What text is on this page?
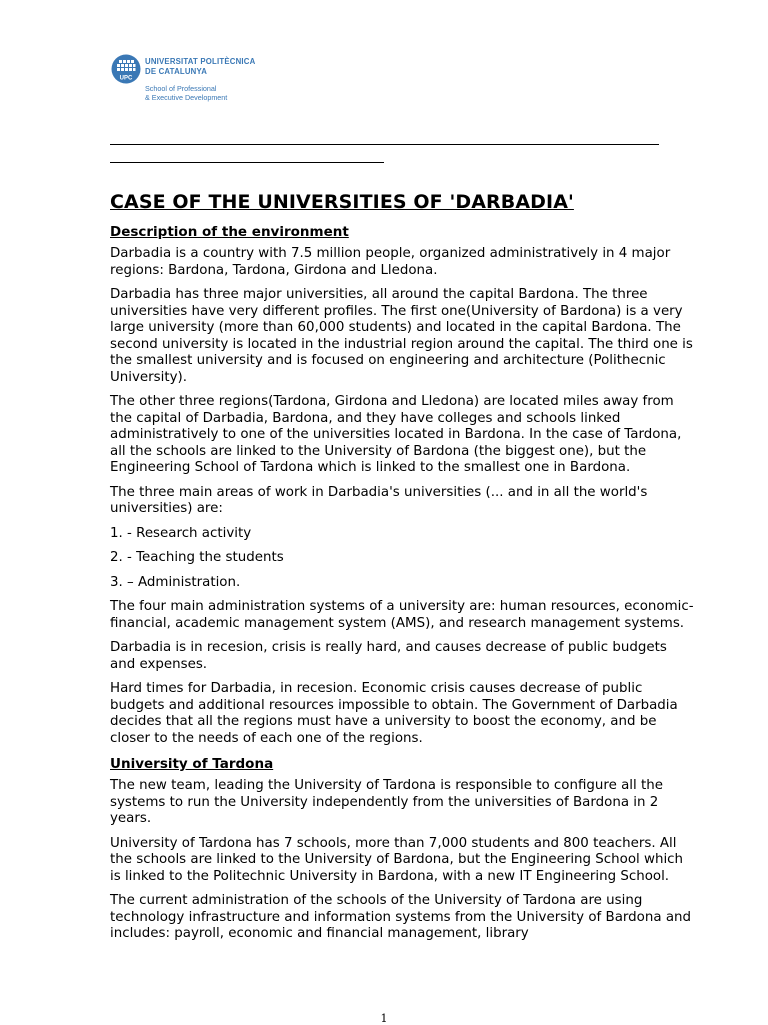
UPC
UNIVERSITAT POLITÈCNICA
DE CATALUNYA
School of Professional
& Executive Development
CASE OF THE UNIVERSITIES OF 'DARBADIA'
Description of the environment

Darbadia is a country with 7.5 million people, organized administratively in 4 major regions: Bardona, Tardona, Girdona and Lledona.

Darbadia has three major universities, all around the capital Bardona. The three universities have very different profiles. The first one(University of Bardona) is a very large university (more than 60,000 students) and located in the capital Bardona. The second university is located in the industrial region around the capital. The third one is the smallest university and is focused on engineering and architecture (Polithecnic University).

The other three regions(Tardona, Girdona and Lledona) are located miles away from the capital of Darbadia, Bardona, and they have colleges and schools linked administratively to one of the universities located in Bardona. In the case of Tardona, all the schools are linked to the University of Bardona (the biggest one), but the Engineering School of Tardona which is linked to the smallest one in Bardona.

The three main areas of work in Darbadia's universities (... and in all the world's universities) are:

1. - Research activity

2. - Teaching the students

3. – Administration.

The four main administration systems of a university are: human resources, economic-financial, academic management system (AMS), and research management systems.

Darbadia is in recesion, crisis is really hard, and causes decrease of public budgets and expenses.

Hard times for Darbadia, in recesion. Economic crisis causes decrease of public budgets and additional resources impossible to obtain. The Government of Darbadia decides that all the regions must have a university to boost the economy, and be closer to the needs of each one of the regions.

University of Tardona

The new team, leading the University of Tardona is responsible to configure all the systems to run the University independently from the universities of Bardona in 2 years.

University of Tardona has 7 schools, more than 7,000 students and 800 teachers. All the schools are linked to the University of Bardona, but the Engineering School which is linked to the Politechnic University in Bardona, with a new IT Engineering School.

The current administration of the schools of the University of Tardona are using technology infrastructure and information systems from the University of Bardona and includes: payroll, economic and financial management, library

1
